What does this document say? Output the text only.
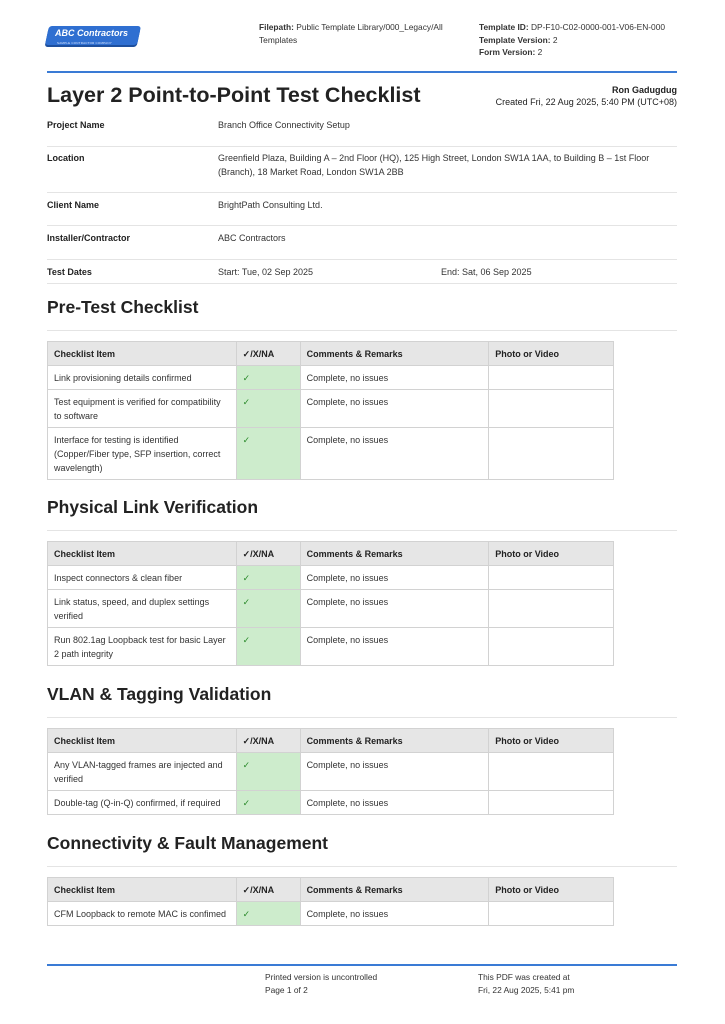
ABC Contractors
SAMPLE CONTRACTOR COMPANY
Filepath: Public Template Library/000_Legacy/All Templates
Template ID: DP-F10-C02-0000-001-V06-EN-000
Template Version: 2
Form Version: 2
Layer 2 Point-to-Point Test Checklist	Ron Gadugdug
Created Fri, 22 Aug 2025, 5:40 PM (UTC+08)
Project Name	Branch Office Connectivity Setup
Location	Greenfield Plaza, Building A – 2nd Floor (HQ), 125 High Street, London SW1A 1AA, to Building B – 1st Floor (Branch), 18 Market Road, London SW1A 2BB
Client Name	BrightPath Consulting Ltd.
Installer/Contractor	ABC Contractors
Test Dates	Start: Tue, 02 Sep 2025	End: Sat, 06 Sep 2025
Pre-Test Checklist
Checklist Item	✓/X/NA	Comments & Remarks	Photo or Video
Link provisioning details confirmed	✓	Complete, no issues	
Test equipment is verified for compatibility to software	✓	Complete, no issues	
Interface for testing is identified (Copper/Fiber type, SFP insertion, correct wavelength)	✓	Complete, no issues	
Physical Link Verification
Checklist Item	✓/X/NA	Comments & Remarks	Photo or Video
Inspect connectors & clean fiber	✓	Complete, no issues	
Link status, speed, and duplex settings verified	✓	Complete, no issues	
Run 802.1ag Loopback test for basic Layer 2 path integrity	✓	Complete, no issues	
VLAN & Tagging Validation
Checklist Item	✓/X/NA	Comments & Remarks	Photo or Video
Any VLAN-tagged frames are injected and verified	✓	Complete, no issues	
Double-tag (Q-in-Q) confirmed, if required	✓	Complete, no issues	
Connectivity & Fault Management
Checklist Item	✓/X/NA	Comments & Remarks	Photo or Video
CFM Loopback to remote MAC is confimed	✓	Complete, no issues	
Printed version is uncontrolled
Page 1 of 2
This PDF was created at
Fri, 22 Aug 2025, 5:41 pm
